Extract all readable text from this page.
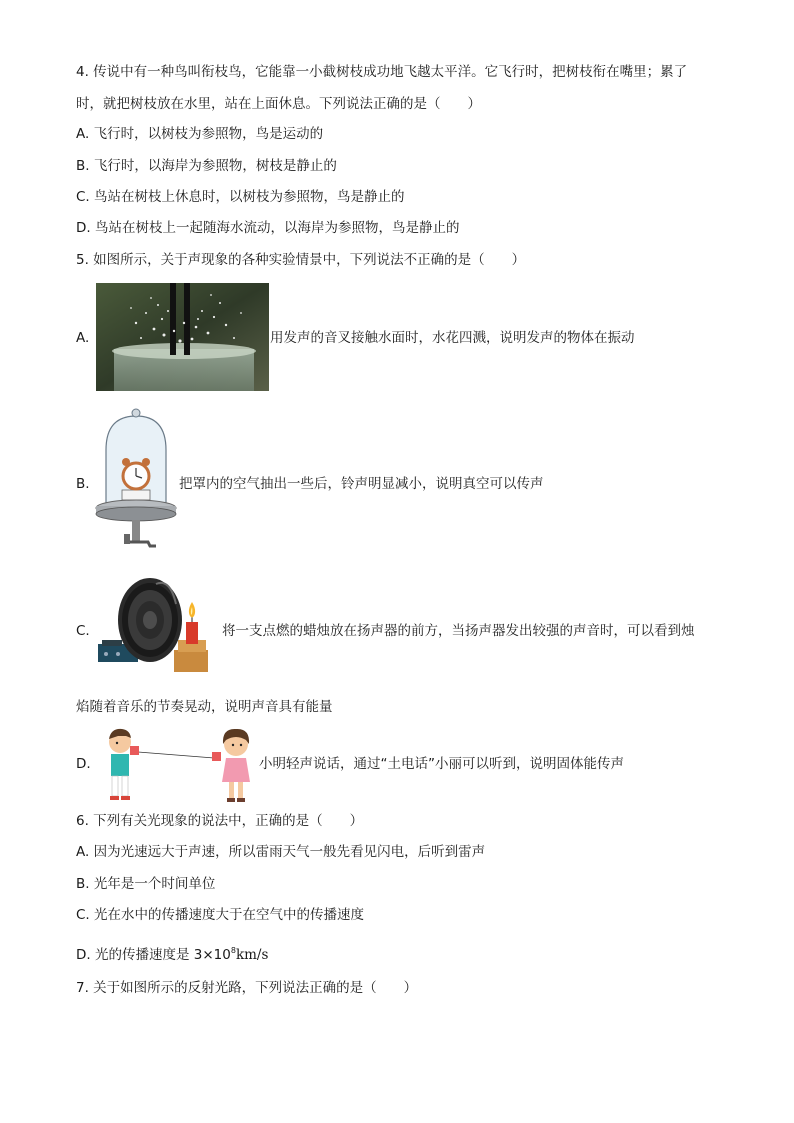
4. 传说中有一种鸟叫衔枝鸟，它能靠一小截树枝成功地飞越太平洋。它飞行时，把树枝衔在嘴里；累了
时，就把树枝放在水里，站在上面休息。下列说法正确的是（　　）
A. 飞行时，以树枝为参照物，鸟是运动的
B. 飞行时，以海岸为参照物，树枝是静止的
C. 鸟站在树枝上休息时，以树枝为参照物，鸟是静止的
D. 鸟站在树枝上一起随海水流动，以海岸为参照物，鸟是静止的
5. 如图所示，关于声现象的各种实验情景中，下列说法不正确的是（　　）
A.	用发声的音叉接触水面时，水花四溅，说明发声的物体在振动
B.	把罩内的空气抽出一些后，铃声明显减小，说明真空可以传声
C.	将一支点燃的蜡烛放在扬声器的前方，当扬声器发出较强的声音时，可以看到烛
焰随着音乐的节奏晃动，说明声音具有能量
D.	小明轻声说话，通过“土电话”小丽可以听到，说明固体能传声
6. 下列有关光现象的说法中，正确的是（　　）
A. 因为光速远大于声速，所以雷雨天气一般先看见闪电，后听到雷声
B. 光年是一个时间单位
C. 光在水中的传播速度大于在空气中的传播速度
D. 光的传播速度是 $3\times 10^8km/s$
7. 关于如图所示的反射光路，下列说法正确的是（　　）
